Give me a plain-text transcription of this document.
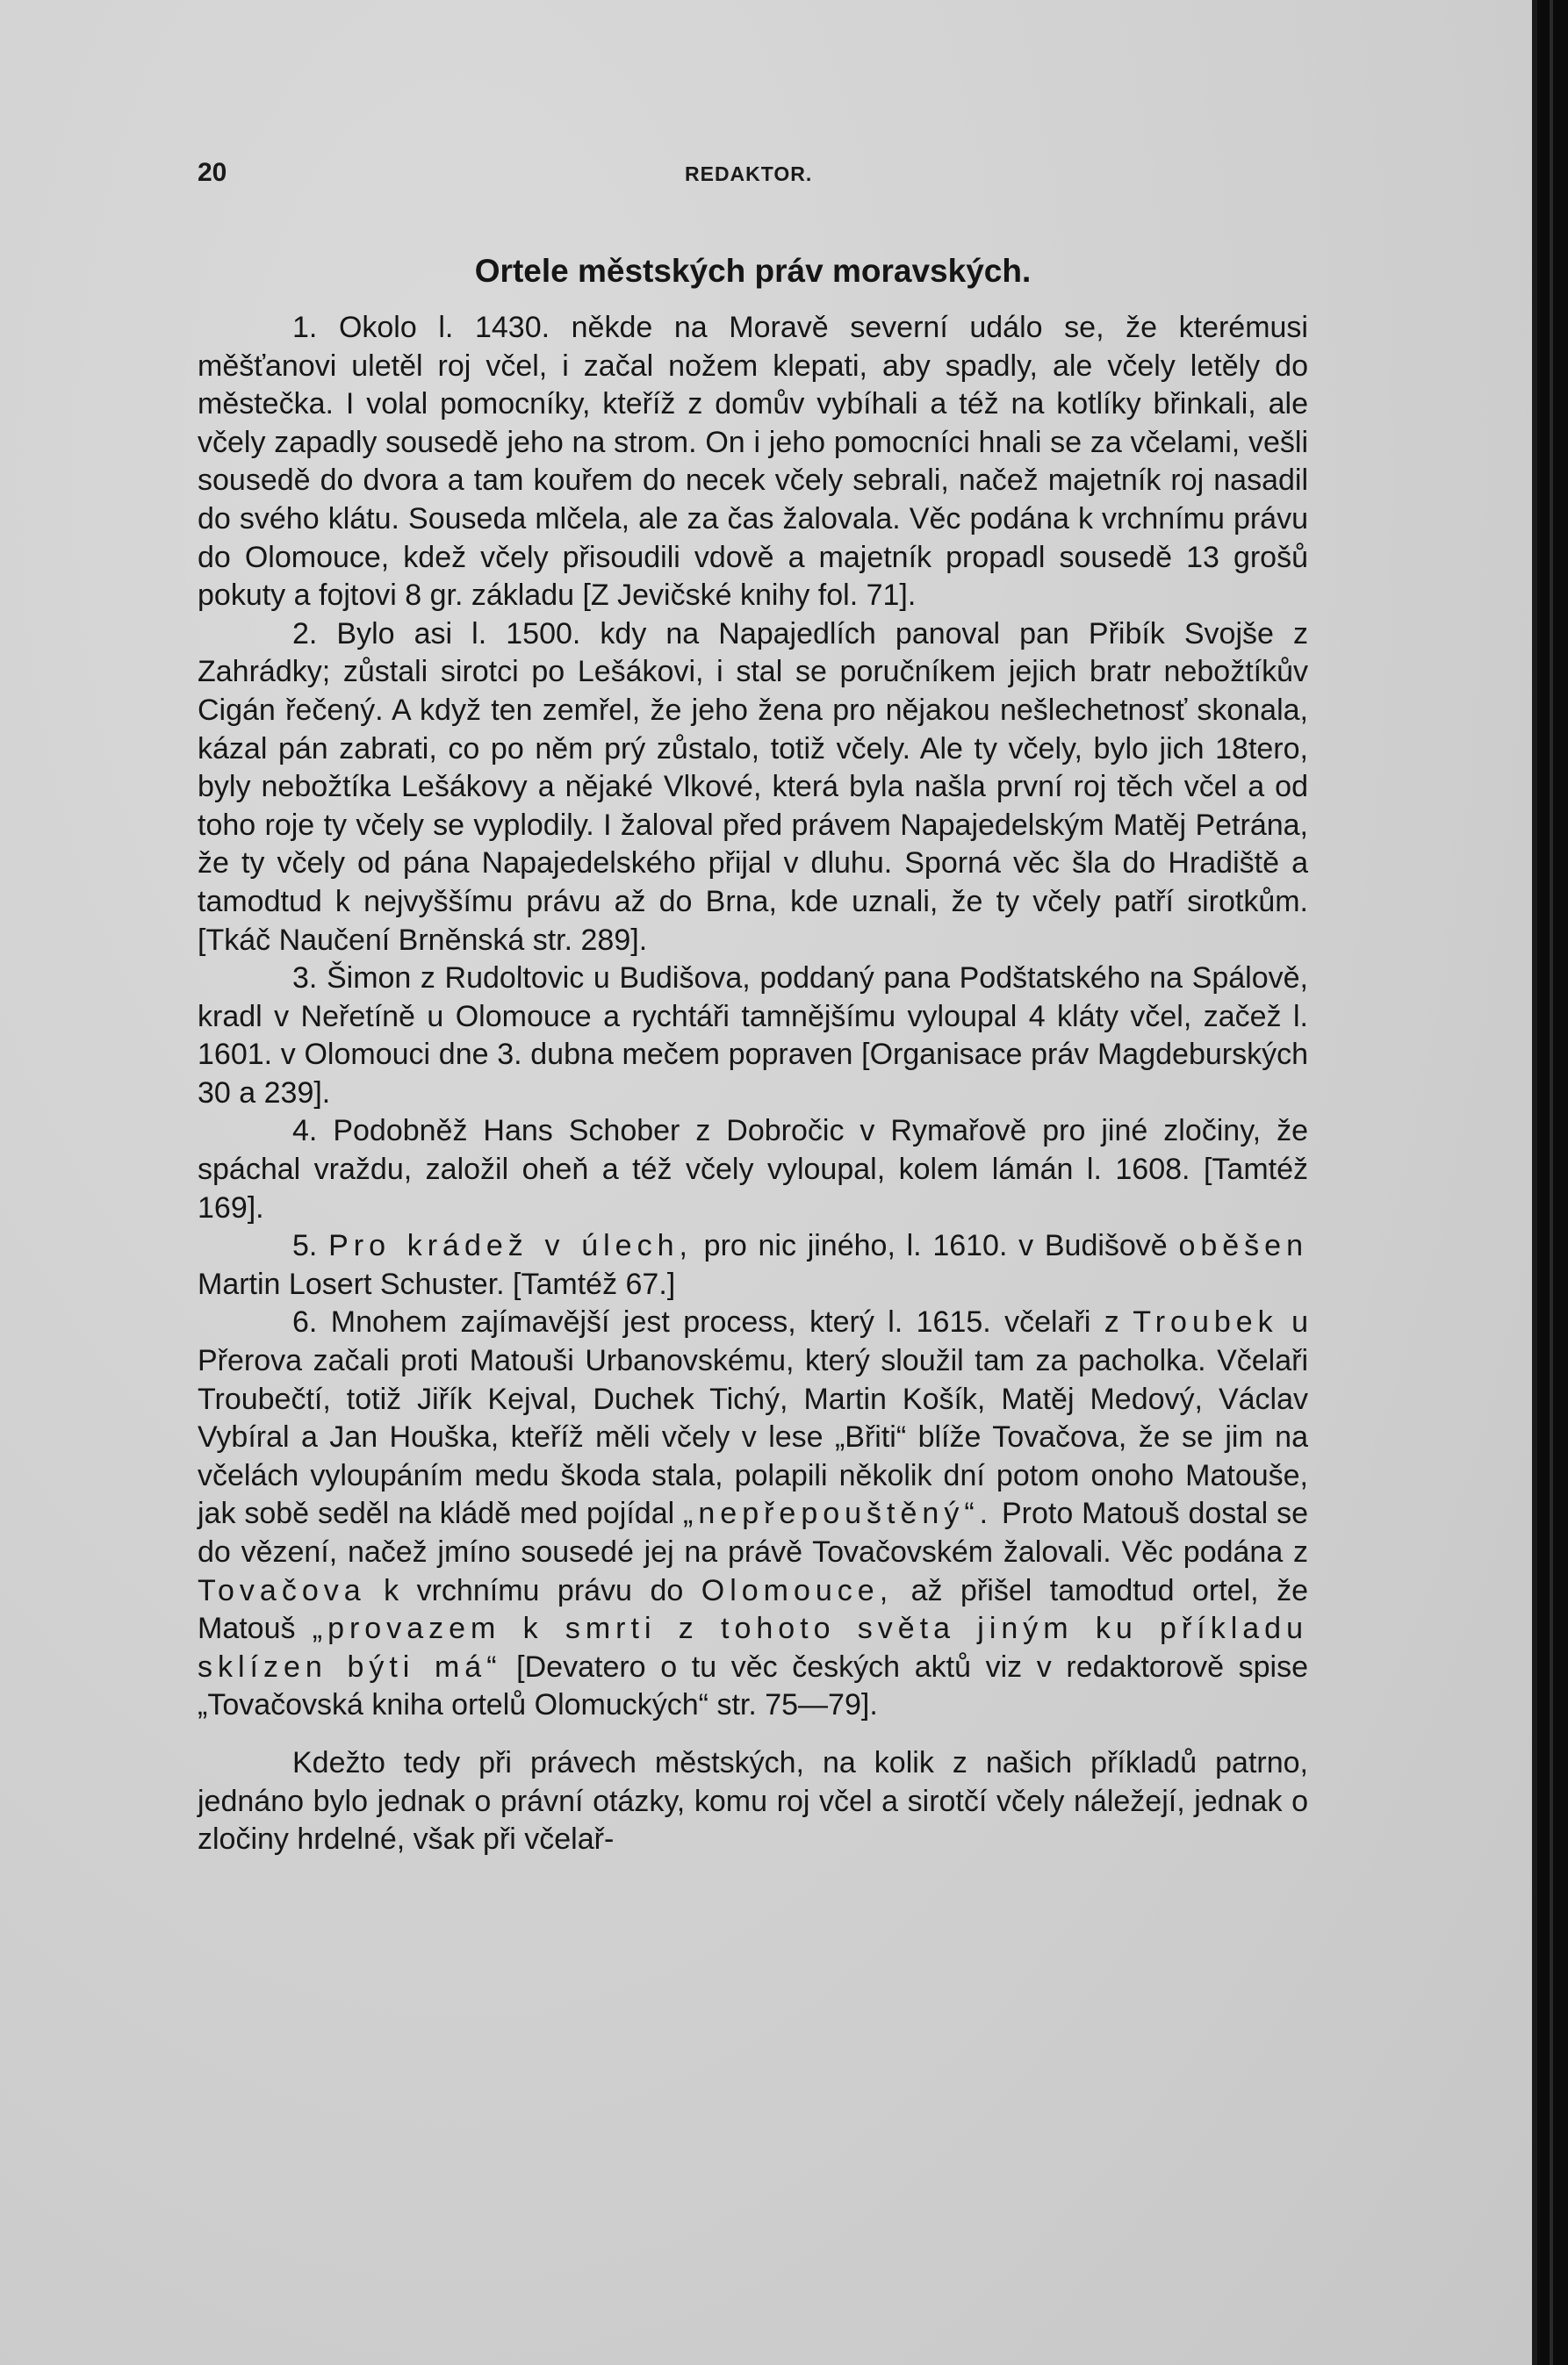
20	REDAKTOR.
Ortele městských práv moravských.

1. Okolo l. 1430. někde na Moravě severní událo se, že kterémusi měšťanovi uletěl roj včel, i začal nožem klepati, aby spadly, ale včely letěly do městečka. I volal pomocníky, kteříž z domův vybíhali a též na kotlíky břinkali, ale včely zapadly sousedě jeho na strom. On i jeho pomocníci hnali se za včelami, vešli sousedě do dvora a tam kouřem do necek včely sebrali, načež majetník roj nasadil do svého klátu. Souseda mlčela, ale za čas žalovala. Věc podána k vrchnímu právu do Olomouce, kdež včely přisoudili vdově a majetník propadl sousedě 13 grošů pokuty a fojtovi 8 gr. základu [Z Jevičské knihy fol. 71].

2. Bylo asi l. 1500. kdy na Napajedlích panoval pan Přibík Svojše z Zahrádky; zůstali sirotci po Lešákovi, i stal se poručníkem jejich bratr nebožtíkův Cigán řečený. A když ten zemřel, že jeho žena pro nějakou nešlechetnosť skonala, kázal pán zabrati, co po něm prý zůstalo, totiž včely. Ale ty včely, bylo jich 18tero, byly nebožtíka Lešákovy a nějaké Vlkové, která byla našla první roj těch včel a od toho roje ty včely se vyplodily. I žaloval před právem Napajedelským Matěj Petrána, že ty včely od pána Napajedelského přijal v dluhu. Sporná věc šla do Hradiště a tamodtud k nejvyššímu právu až do Brna, kde uznali, že ty včely patří sirotkům. [Tkáč Naučení Brněnská str. 289].

3. Šimon z Rudoltovic u Budišova, poddaný pana Podštatského na Spálově, kradl v Neřetíně u Olomouce a rychtáři tamnějšímu vyloupal 4 kláty včel, začež l. 1601. v Olomouci dne 3. dubna mečem popraven [Organisace práv Magdeburských 30 a 239].

4. Podobněž Hans Schober z Dobročic v Rymařově pro jiné zločiny, že spáchal vraždu, založil oheň a též včely vyloupal, kolem lámán l. 1608. [Tamtéž 169].

5. Pro krádež v úlech, pro nic jiného, l. 1610. v Budišově oběšen Martin Losert Schuster. [Tamtéž 67.]

6. Mnohem zajímavější jest process, který l. 1615. včelaři z Troubek u Přerova začali proti Matouši Urbanovskému, který sloužil tam za pacholka. Včelaři Troubečtí, totiž Jiřík Kejval, Duchek Tichý, Martin Košík, Matěj Medový, Václav Vybíral a Jan Houška, kteříž měli včely v lese „Břiti“ blíže Tovačova, že se jim na včelách vyloupáním medu škoda stala, polapili několik dní potom onoho Matouše, jak sobě seděl na kládě med pojídal „nepřepouštěný“. Proto Matouš dostal se do vězení, načež jmíno sousedé jej na právě Tovačovském žalovali. Věc podána z Tovačova k vrchnímu právu do Olomouce, až přišel tamodtud ortel, že Matouš „provazem k smrti z tohoto světa jiným ku příkladu sklízen býti má“ [Devatero o tu věc českých aktů viz v redaktorově spise „Tovačovská kniha ortelů Olomuckých“ str. 75—79].

Kdežto tedy při právech městských, na kolik z našich příkladů patrno, jednáno bylo jednak o právní otázky, komu roj včel a sirotčí včely náležejí, jednak o zločiny hrdelné, však při včelař-
